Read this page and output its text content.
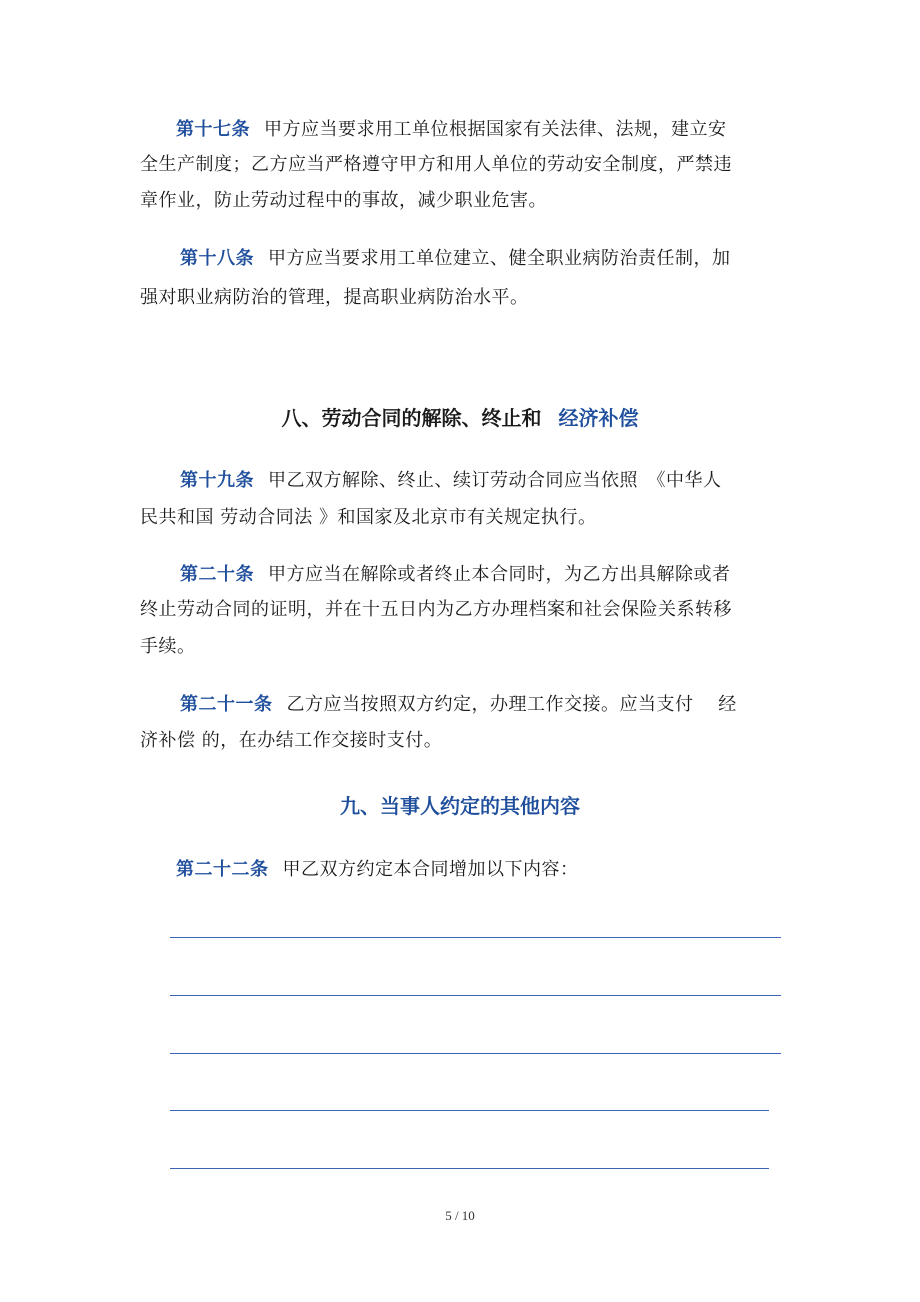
第十七条 甲方应当要求用工单位根据国家有关法律、法规，建立安
全生产制度；乙方应当严格遵守甲方和用人单位的劳动安全制度，严禁违
章作业，防止劳动过程中的事故，减少职业危害。
第十八条 甲方应当要求用工单位建立、健全职业病防治责任制，加
强对职业病防治的管理，提高职业病防治水平。
八、劳动合同的解除、终止和 经济补偿
第十九条 甲乙双方解除、终止、续订劳动合同应当依照　《中华人
民共和国 劳动合同法 》和国家及北京市有关规定执行。
第二十条 甲方应当在解除或者终止本合同时，为乙方出具解除或者
终止劳动合同的证明，并在十五日内为乙方办理档案和社会保险关系转移
手续。
第二十一条 乙方应当按照双方约定，办理工作交接。应当支付　 经
济补偿 的，在办结工作交接时支付。
九、当事人约定的其他内容
第二十二条 甲乙双方约定本合同增加以下内容：
5 / 10
